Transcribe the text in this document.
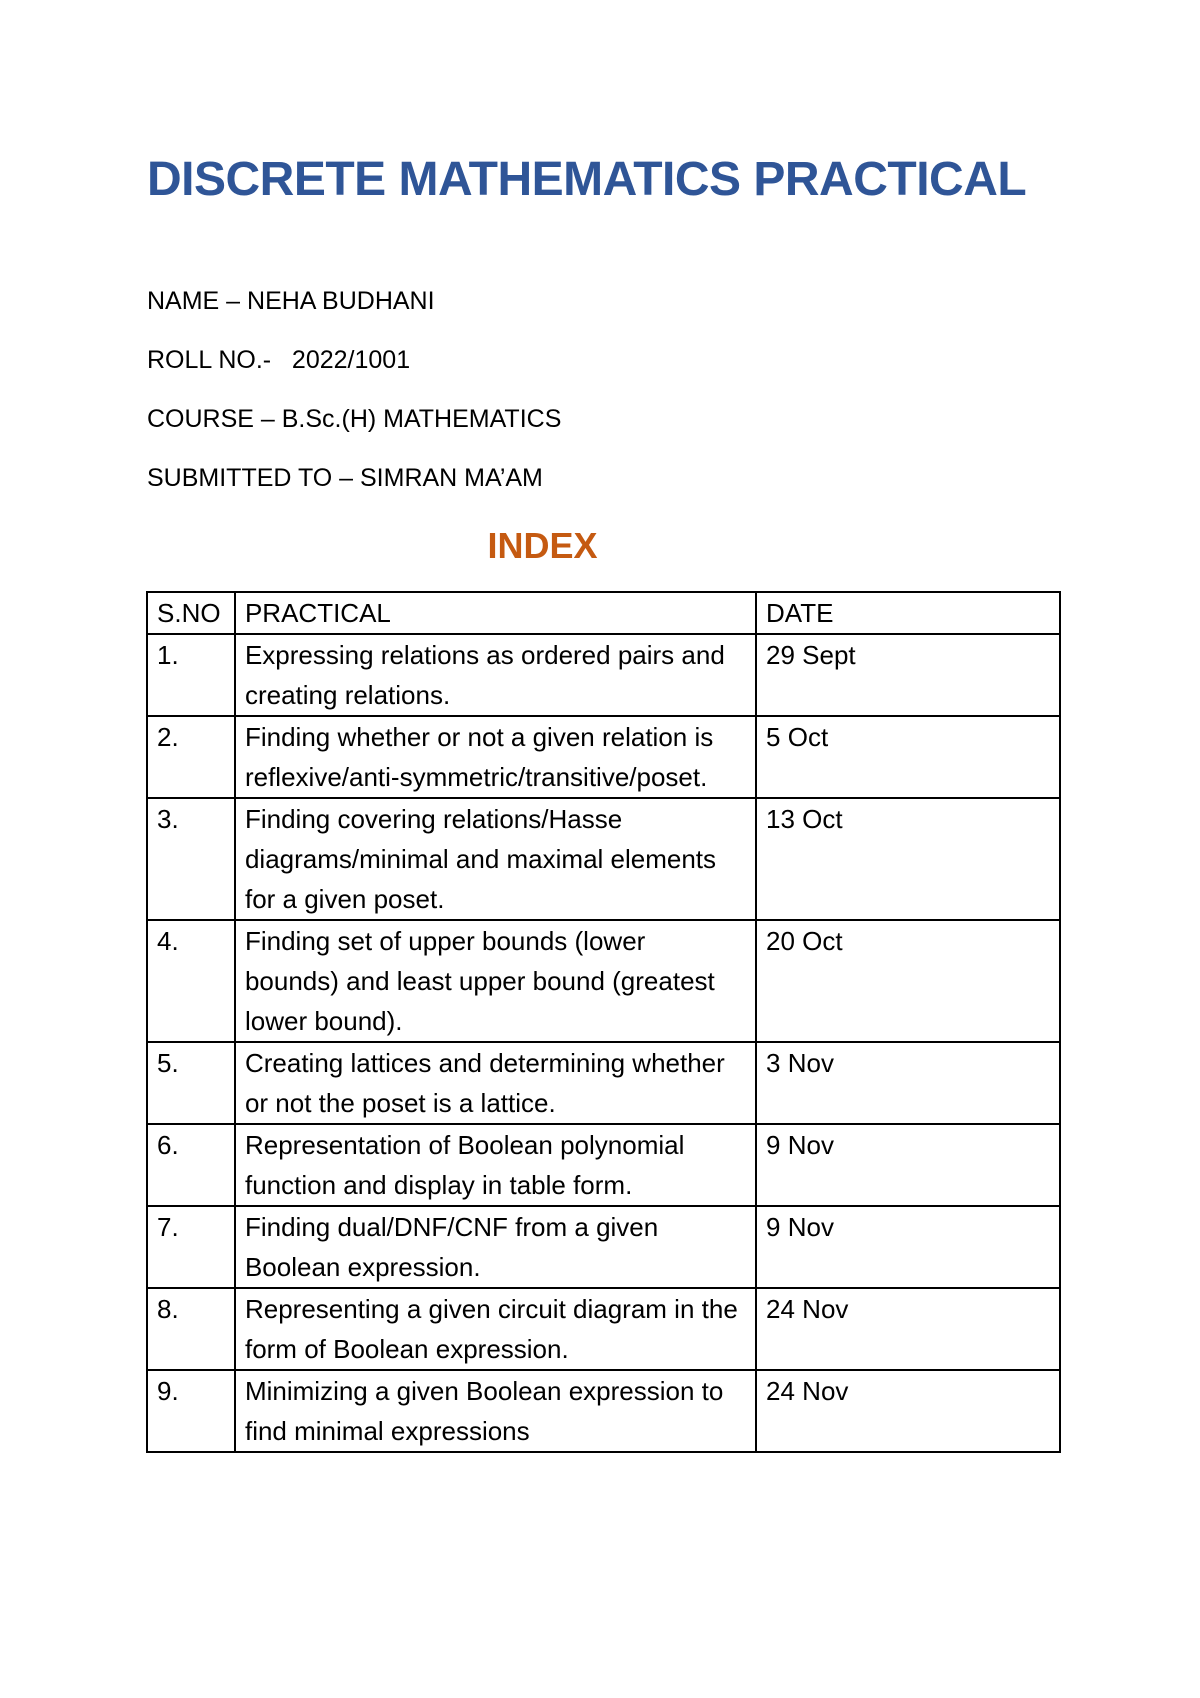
DISCRETE MATHEMATICS PRACTICAL
NAME – NEHA BUDHANI
ROLL NO.-   2022/1001
COURSE – B.Sc.(H) MATHEMATICS
SUBMITTED TO – SIMRAN MA’AM
INDEX
S.NO	PRACTICAL	DATE
1.	Expressing relations as ordered pairs and creating relations.	29 Sept
2.	Finding whether or not a given relation is reflexive/anti-symmetric/transitive/poset.	5 Oct
3.	Finding covering relations/Hasse diagrams/minimal and maximal elements for a given poset.	13 Oct
4.	Finding set of upper bounds (lower bounds) and least upper bound (greatest lower bound).	20 Oct
5.	Creating lattices and determining whether or not the poset is a lattice.	3 Nov
6.	Representation of Boolean polynomial function and display in table form.	9 Nov
7.	Finding dual/DNF/CNF from a given Boolean expression.	9 Nov
8.	Representing a given circuit diagram in the form of Boolean expression.	24 Nov
9.	Minimizing a given Boolean expression to find minimal expressions	24 Nov
